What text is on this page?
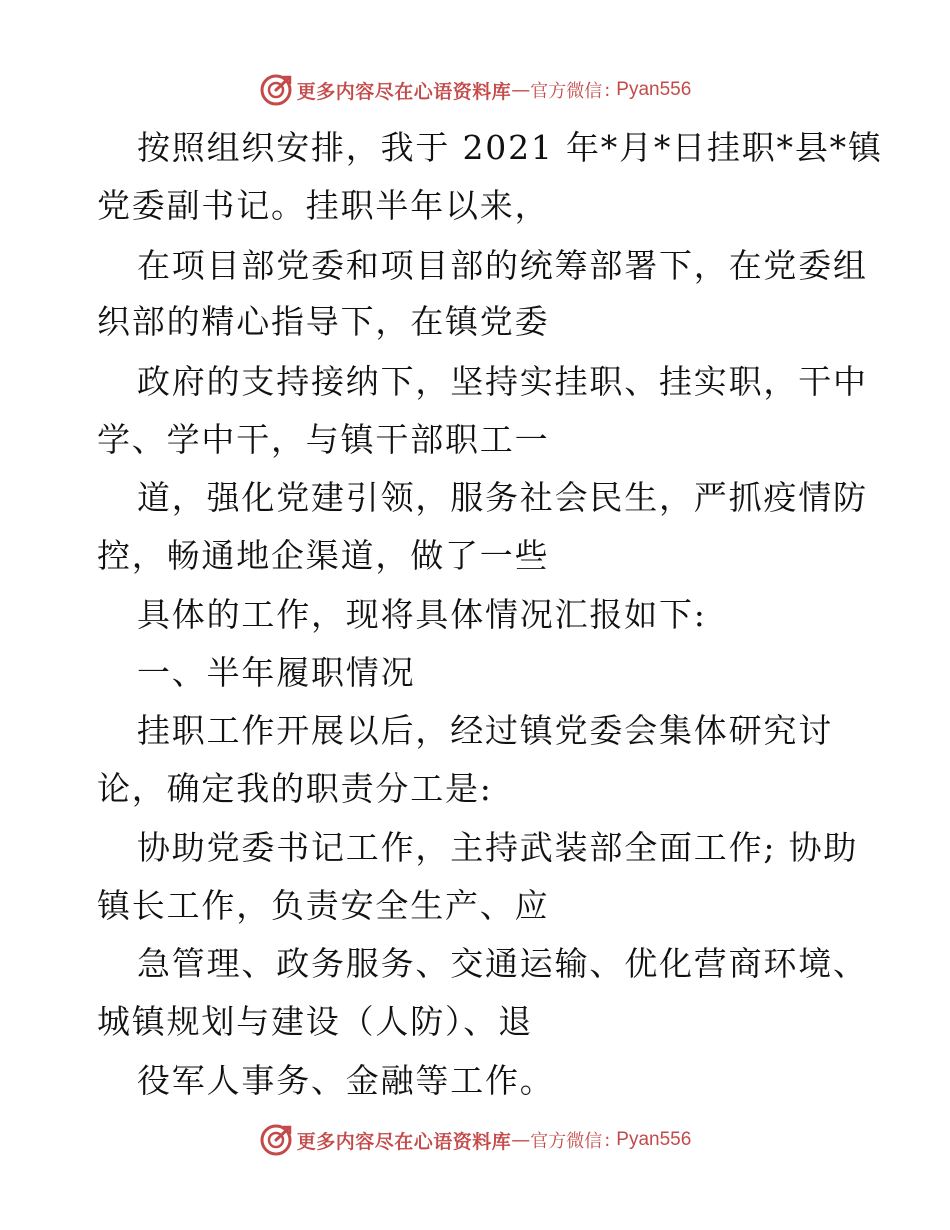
更多内容尽在心语资料库 — 官方微信 : Pyan556
按照组织安排，我于 2021 年*月*日挂职*县*镇
党委副书记。挂职半年以来，
在项目部党委和项目部的统筹部署下，在党委组
织部的精心指导下，在镇党委
政府的支持接纳下，坚持实挂职、挂实职，干中
学、学中干，与镇干部职工一
道，强化党建引领，服务社会民生，严抓疫情防
控，畅通地企渠道，做了一些
具体的工作，现将具体情况汇报如下:
一、半年履职情况
挂职工作开展以后，经过镇党委会集体研究讨
论，确定我的职责分工是:
协助党委书记工作，主持武装部全面工作; 协助
镇长工作，负责安全生产、应
急管理、政务服务、交通运输、优化营商环境、
城镇规划与建设（人防）、退
役军人事务、金融等工作。
更多内容尽在心语资料库 — 官方微信 : Pyan556
